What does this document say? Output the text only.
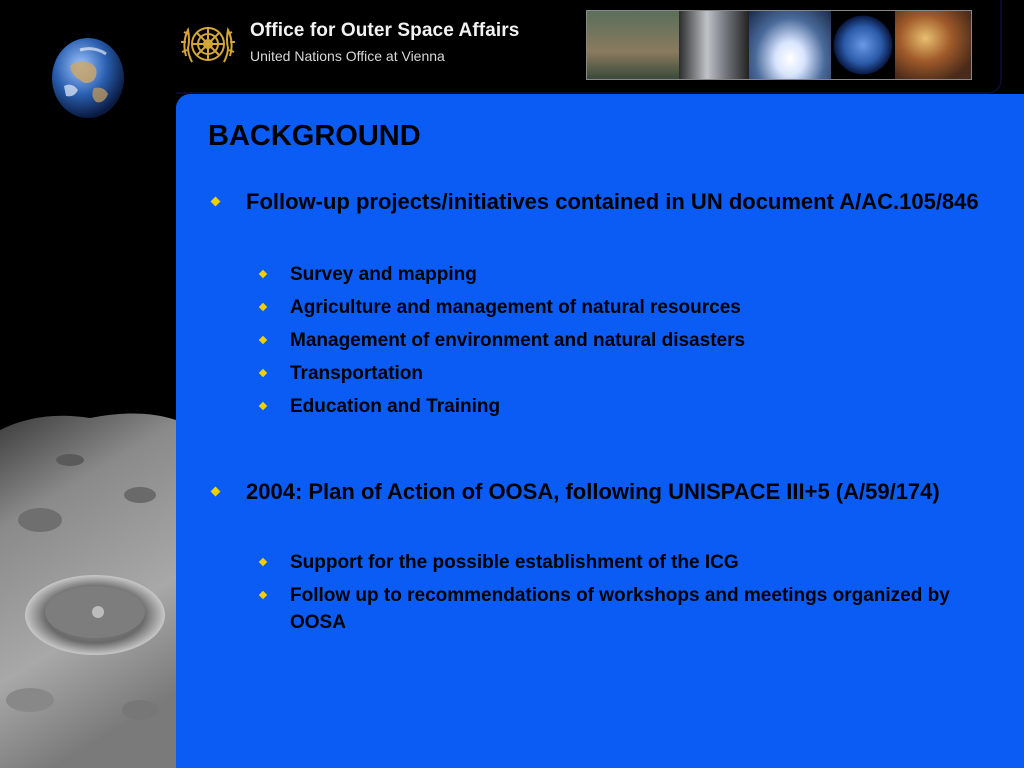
Office for Outer Space Affairs
United Nations Office at Vienna
BACKGROUND
Follow-up projects/initiatives contained in UN document A/AC.105/846
Survey and mapping
Agriculture and management of natural resources
Management of environment and natural disasters
Transportation
Education and Training
2004: Plan of Action of OOSA, following UNISPACE III+5 (A/59/174)
Support for the possible establishment of the ICG
Follow up to recommendations of workshops and meetings organized by OOSA
